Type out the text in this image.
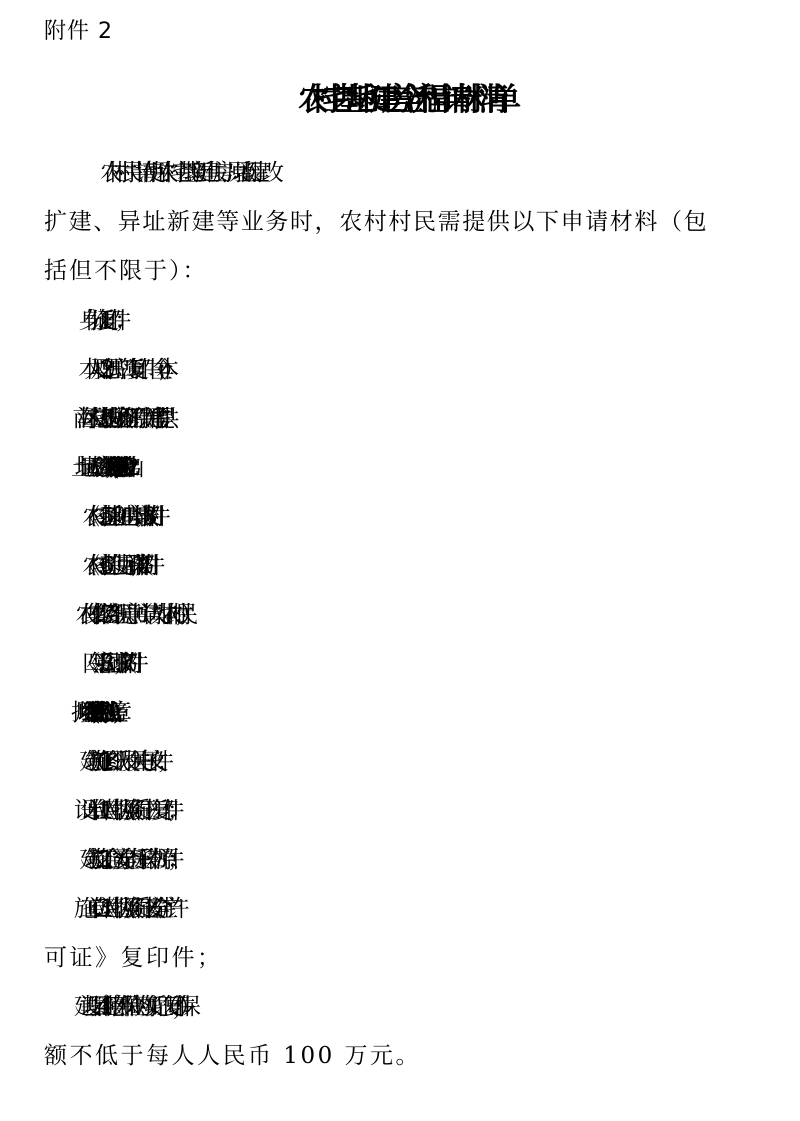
附件 2
农村宅基地和建房全流程申请材料清单
农村村民申请使用农村宅基地新建住房、原址翻建、改
扩建、异址新建等业务时，农村村民需提供以下申请材料（包
括但不限于）：
1. 身份证复印件；
2. 本人及配偶户口簿复印件（全本）；
3. 南海区农村宅基地分配资格证明原件（新建需提供）；
4. 土地证或不动产证复印件(宗地图需为佛山2000坐标)；
5. 《农村宅基地和建房申请表》（附件 3）；
6. 《农村宅基地使用承诺书》（附件 4）；
7. 农村集体经济组织同意书（申请人为非农村村民）；
8. 《四邻意见征求书》（附件 7）；
9. 拟用地红线图(经济社、村(居)委会需在红线上盖章)；
10. 《建筑施工图纸》及相关电子文件；
11. 设计单位《营业执照》《资质证书》复印件；
12. 《建筑施工合同》《安全责任承诺书》原件；
13. 施工单位《营业执照》《资质证书》《安全生产许
可证》复印件；
14. 建设项目商业意外保险的购买凭证（复印件），保
额不低于每人人民币 100 万元。
